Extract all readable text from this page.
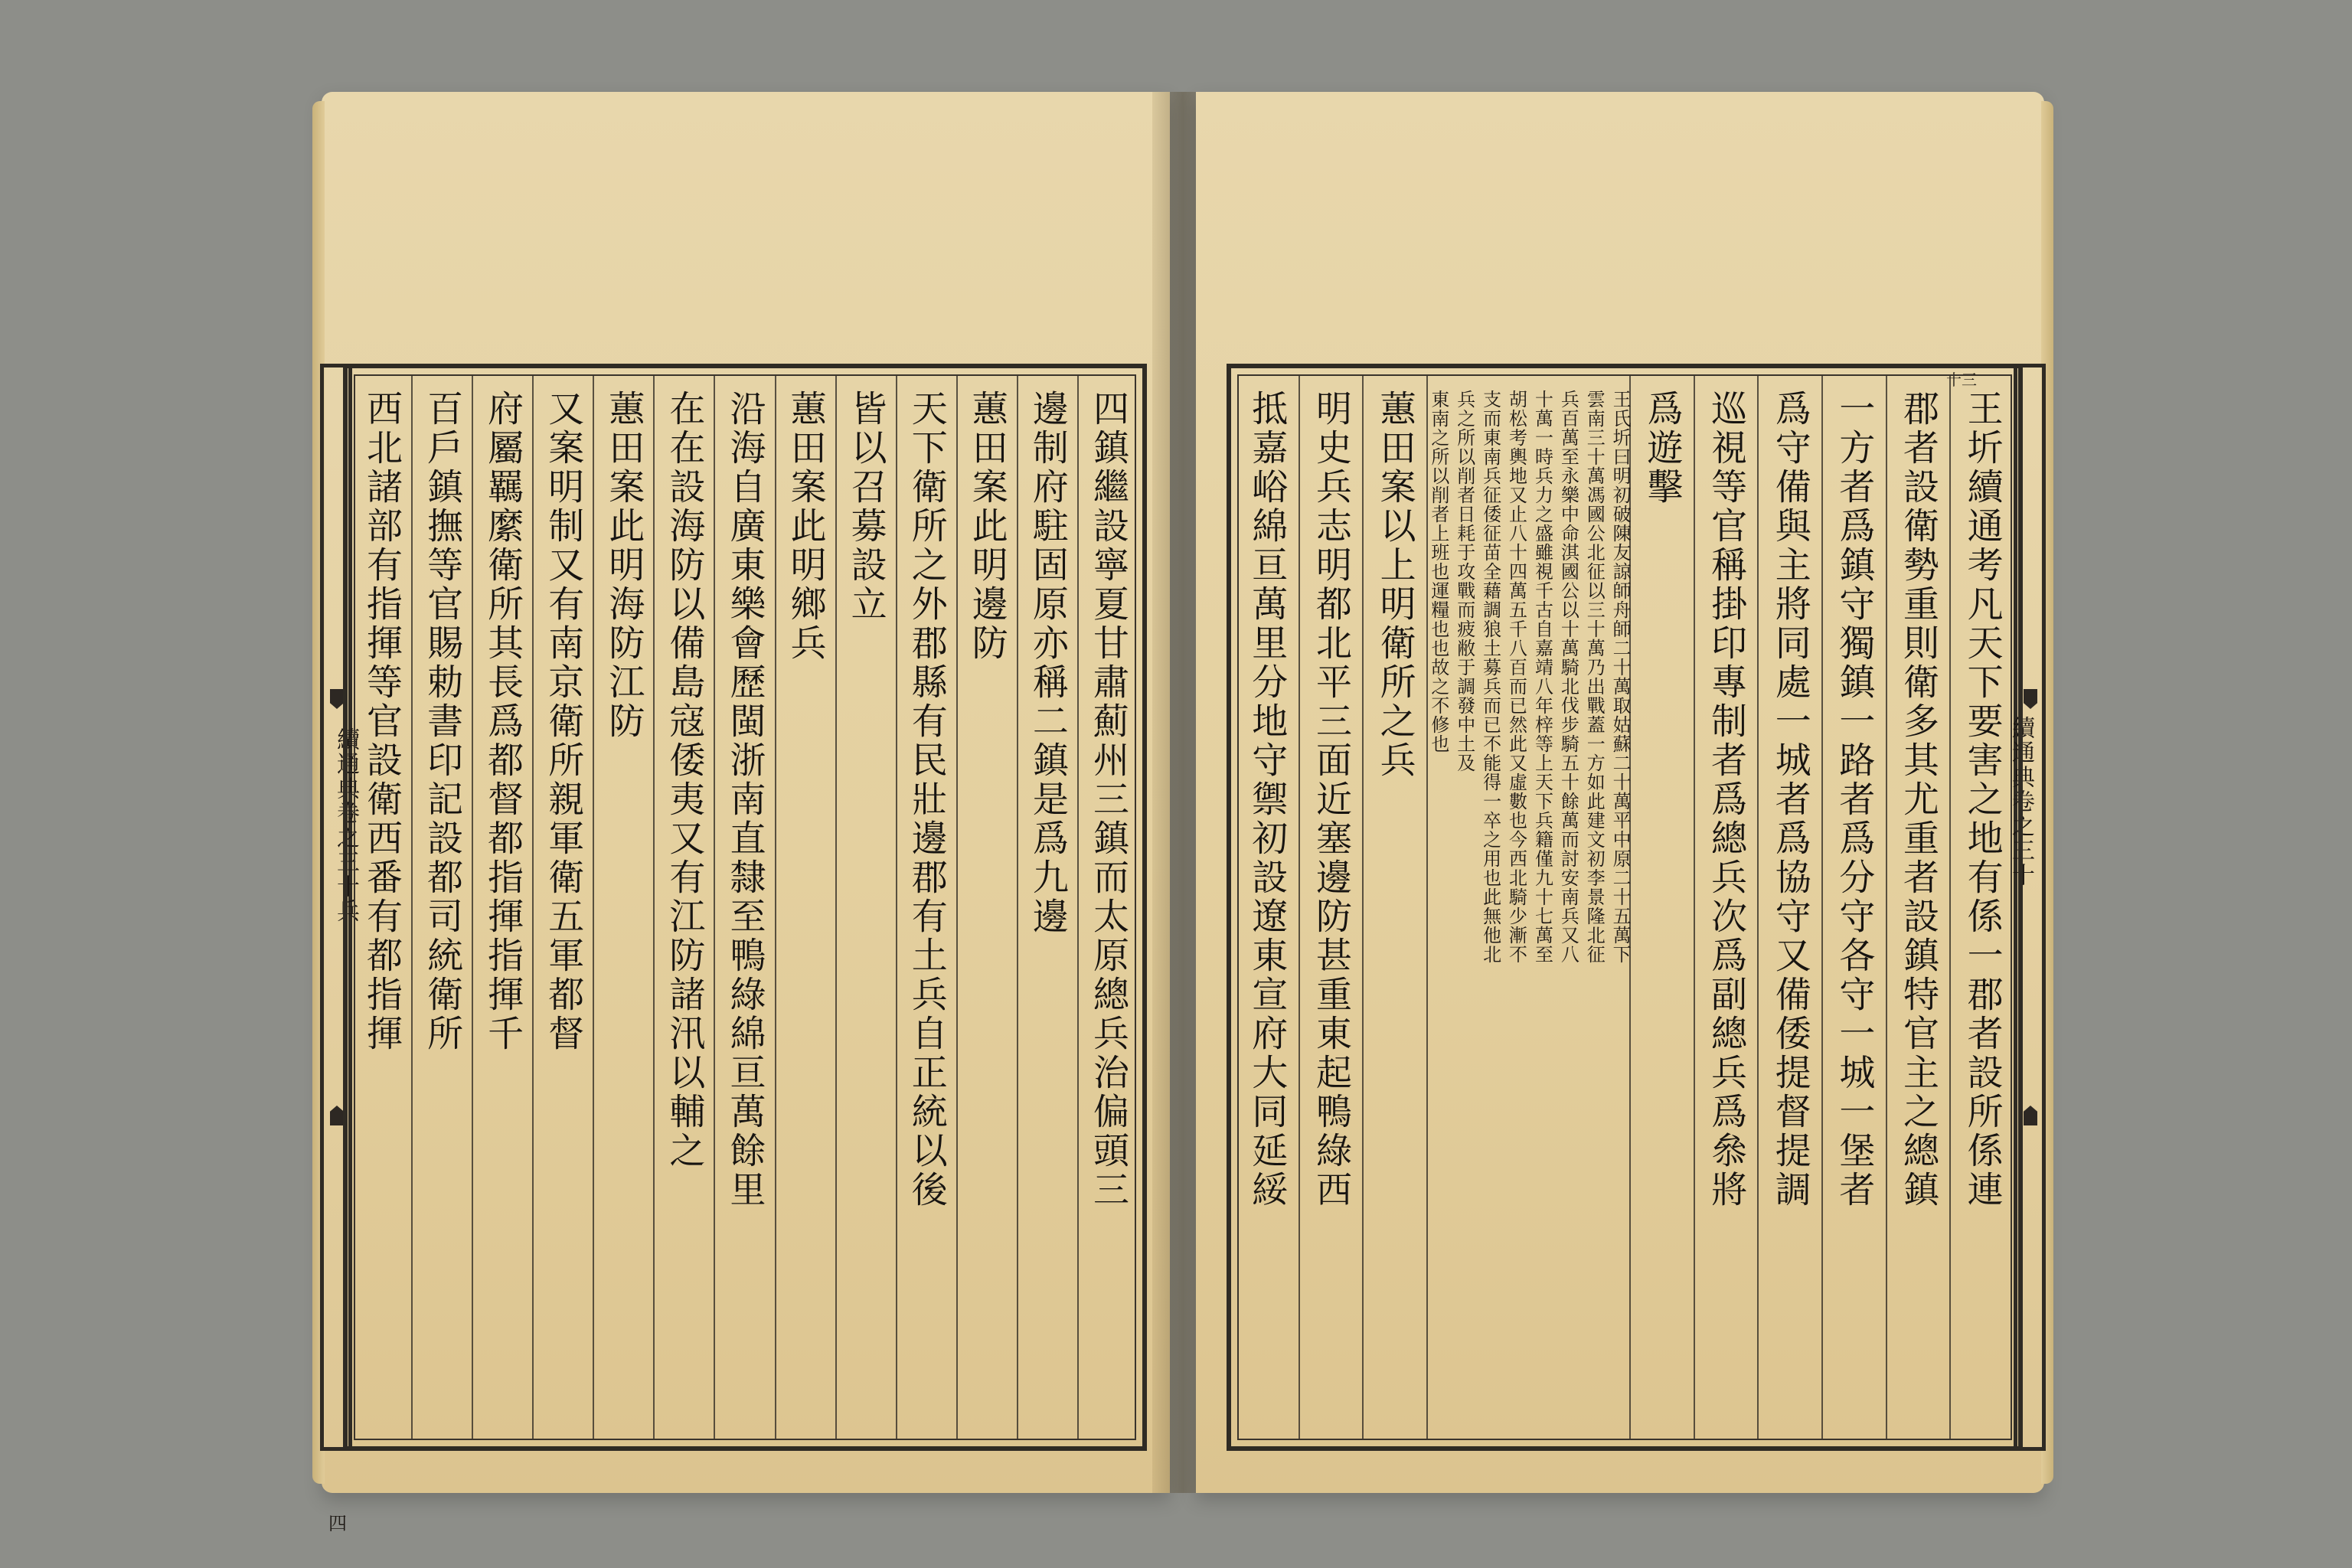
續通典卷之三十兵
四
四鎮繼設寧夏甘肅薊州三鎮而太原總兵治偏頭三
邊制府駐固原亦稱二鎮是爲九邊
蕙田案此明邊防
天下衛所之外郡縣有民壯邊郡有土兵自正統以後
皆以召募設立
蕙田案此明鄉兵
沿海自廣東樂會歷閩浙南直隸至鴨綠綿亘萬餘里
在在設海防以備島寇倭夷又有江防諸汛以輔之
蕙田案此明海防江防
又案明制又有南京衛所親軍衛五軍都督
府屬羈縻衛所其長爲都督都指揮指揮千
百戶鎮撫等官賜勅書印記設都司統衛所
西北諸部有指揮等官設衛西番有都指揮	續通典卷之三十
十三
王圻續通考凡天下要害之地有係一郡者設所係連
郡者設衛勢重則衛多其尤重者設鎮特官主之總鎮
一方者爲鎮守獨鎮一路者爲分守各守一城一堡者
爲守備與主將同處一城者爲協守又備倭提督提調
巡視等官稱掛印專制者爲總兵次爲副總兵爲叅將
爲遊擊
王氏圻曰明初破陳友諒師舟師二十萬取姑蘇二十萬平中原二十五萬下
雲南三十萬馮國公北征以三十萬乃出戰蓋一方如此建文初李景隆北征
兵百萬至永樂中命淇國公以十萬騎北伐步騎五十餘萬而討安南兵又八
十萬一時兵力之盛雖視千古自嘉靖八年梓等上天下兵籍僅九十七萬至
胡松考輿地又止八十四萬五千八百而已然此又虛數也今西北騎少漸不
支而東南兵征倭征苗全藉調狼土募兵而已不能得一卒之用也此無他北
兵之所以削者日耗于攻戰而疲敝于調發中土及
東南之所以削者上班也運糧也也故之不修也
蕙田案以上明衛所之兵
明史兵志明都北平三面近塞邊防甚重東起鴨綠西
抵嘉峪綿亘萬里分地守禦初設遼東宣府大同延綏
